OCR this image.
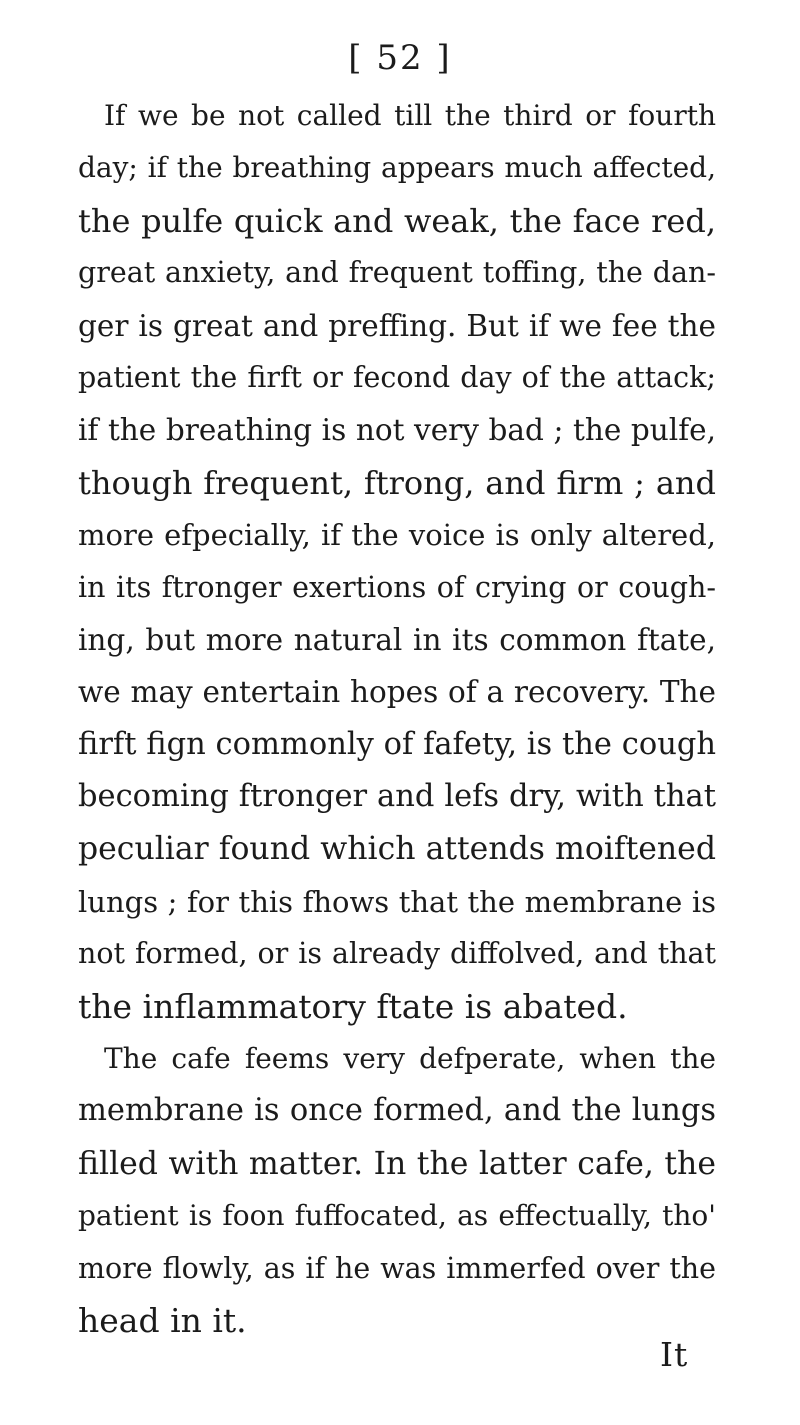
[ 52 ]
If we be not called till the third or fourth
day; if the breathing appears much affected,
the pulfe quick and weak, the face red,
great anxiety, and frequent toffing, the dan-
ger is great and preffing. But if we fee the
patient the firft or fecond day of the attack;
if the breathing is not very bad ; the pulfe,
though frequent, ftrong, and firm ; and
more efpecially, if the voice is only altered,
in its ftronger exertions of crying or cough-
ing, but more natural in its common ftate,
we may entertain hopes of a recovery. The
firft fign commonly of fafety, is the cough
becoming ftronger and lefs dry, with that
peculiar found which attends moiftened
lungs ; for this fhows that the membrane is
not formed, or is already diffolved, and that
the inflammatory ftate is abated.
The cafe feems very defperate, when the
membrane is once formed, and the lungs
filled with matter. In the latter cafe, the
patient is foon fuffocated, as effectually, tho'
more flowly, as if he was immerfed over the
head in it.
It
